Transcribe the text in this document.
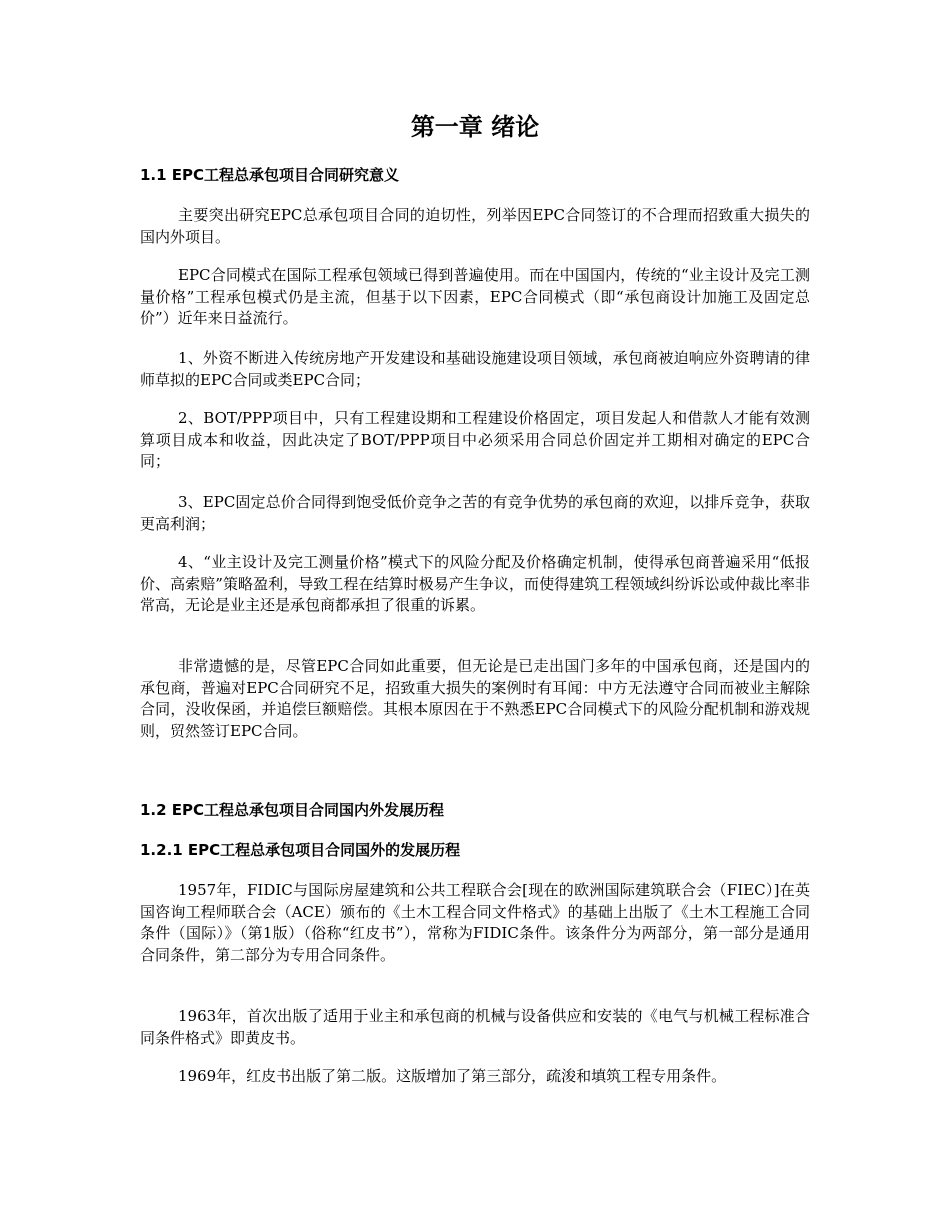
第一章 绪论
1.1 EPC工程总承包项目合同研究意义

主要突出研究EPC总承包项目合同的迫切性，列举因EPC合同签订的不合理而招致重大损失的国内外项目。

EPC合同模式在国际工程承包领域已得到普遍使用。而在中国国内，传统的“业主设计及完工测量价格”工程承包模式仍是主流，但基于以下因素，EPC合同模式（即“承包商设计加施工及固定总价”）近年来日益流行。

1、外资不断进入传统房地产开发建设和基础设施建设项目领域，承包商被迫响应外资聘请的律师草拟的EPC合同或类EPC合同；

2、BOT/PPP项目中，只有工程建设期和工程建设价格固定，项目发起人和借款人才能有效测算项目成本和收益，因此决定了BOT/PPP项目中必须采用合同总价固定并工期相对确定的EPC合同；

3、EPC固定总价合同得到饱受低价竞争之苦的有竞争优势的承包商的欢迎，以排斥竞争，获取更高利润；

4、“业主设计及完工测量价格”模式下的风险分配及价格确定机制，使得承包商普遍采用“低报价、高索赔”策略盈利，导致工程在结算时极易产生争议，而使得建筑工程领域纠纷诉讼或仲裁比率非常高，无论是业主还是承包商都承担了很重的诉累。

非常遗憾的是，尽管EPC合同如此重要，但无论是已走出国门多年的中国承包商，还是国内的承包商，普遍对EPC合同研究不足，招致重大损失的案例时有耳闻：中方无法遵守合同而被业主解除合同，没收保函，并追偿巨额赔偿。其根本原因在于不熟悉EPC合同模式下的风险分配机制和游戏规则，贸然签订EPC合同。

1.2 EPC工程总承包项目合同国内外发展历程
1.2.1 EPC工程总承包项目合同国外的发展历程

1957年，FIDIC与国际房屋建筑和公共工程联合会[现在的欧洲国际建筑联合会（FIEC）]在英国咨询工程师联合会（ACE）颁布的《土木工程合同文件格式》的基础上出版了《土木工程施工合同条件（国际）》（第1版）（俗称“红皮书”），常称为FIDIC条件。该条件分为两部分，第一部分是通用合同条件，第二部分为专用合同条件。

1963年，首次出版了适用于业主和承包商的机械与设备供应和安装的《电气与机械工程标准合同条件格式》即黄皮书。

1969年，红皮书出版了第二版。这版增加了第三部分，疏浚和填筑工程专用条件。
